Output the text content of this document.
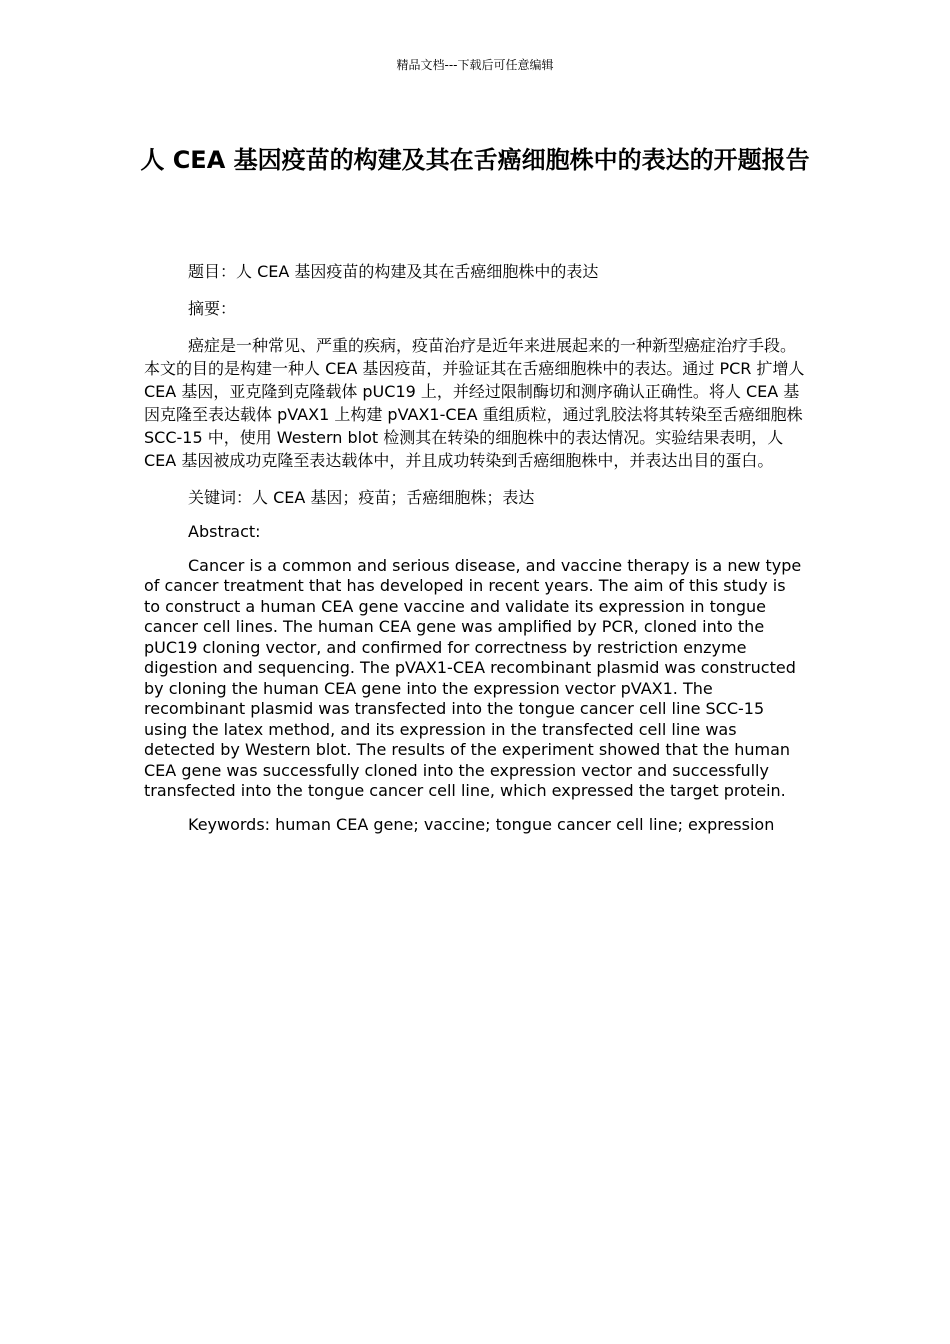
精品文档---下载后可任意编辑
人 CEA 基因疫苗的构建及其在舌癌细胞株中的表达的开题报告

题目：人 CEA 基因疫苗的构建及其在舌癌细胞株中的表达

摘要：

癌症是一种常见、严重的疾病，疫苗治疗是近年来进展起来的一种新型癌症治疗手段。本文的目的是构建一种人 CEA 基因疫苗，并验证其在舌癌细胞株中的表达。通过 PCR 扩增人 CEA 基因，亚克隆到克隆载体 pUC19 上，并经过限制酶切和测序确认正确性。将人 CEA 基因克隆至表达载体 pVAX1 上构建 pVAX1-CEA 重组质粒，通过乳胶法将其转染至舌癌细胞株 SCC-15 中，使用 Western blot 检测其在转染的细胞株中的表达情况。实验结果表明，人 CEA 基因被成功克隆至表达载体中，并且成功转染到舌癌细胞株中，并表达出目的蛋白。

关键词：人 CEA 基因；疫苗；舌癌细胞株；表达

Abstract:

Cancer is a common and serious disease, and vaccine therapy is a new type of cancer treatment that has developed in recent years. The aim of this study is to construct a human CEA gene vaccine and validate its expression in tongue cancer cell lines. The human CEA gene was amplified by PCR, cloned into the pUC19 cloning vector, and confirmed for correctness by restriction enzyme digestion and sequencing. The pVAX1-CEA recombinant plasmid was constructed by cloning the human CEA gene into the expression vector pVAX1. The recombinant plasmid was transfected into the tongue cancer cell line SCC-15 using the latex method, and its expression in the transfected cell line was detected by Western blot. The results of the experiment showed that the human CEA gene was successfully cloned into the expression vector and successfully transfected into the tongue cancer cell line, which expressed the target protein.

Keywords: human CEA gene; vaccine; tongue cancer cell line; expression
